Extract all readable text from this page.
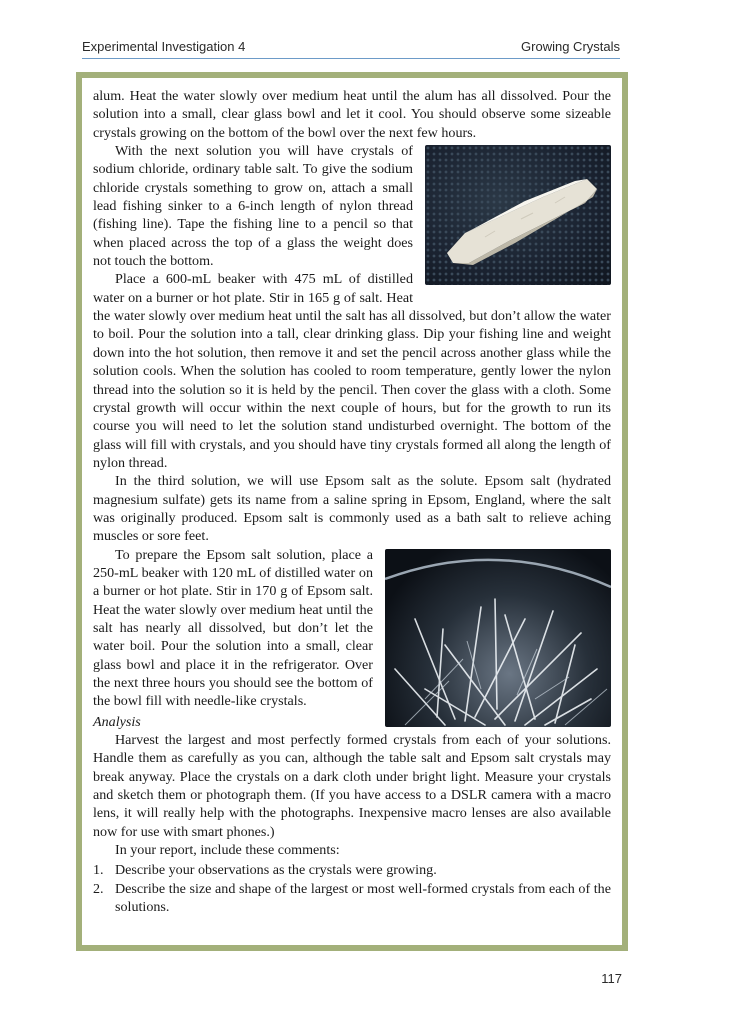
Experimental Investigation 4	Growing Crystals

alum. Heat the water slowly over medium heat until the alum has all dissolved. Pour the solution into a small, clear glass bowl and let it cool. You should observe some sizeable crystals growing on the bottom of the bowl over the next few hours.

With the next solution you will have crystals of sodium chloride, ordinary table salt. To give the sodium chloride crystals something to grow on, attach a small lead fishing sinker to a 6-inch length of nylon thread (fishing line). Tape the fishing line to a pencil so that when placed across the top of a glass the weight does not touch the bottom.

Place a 600-mL beaker with 475 mL of distilled water on a burner or hot plate. Stir in 165 g of salt. Heat the water slowly over medium heat until the salt has all dissolved, but don’t allow the water to boil. Pour the solution into a tall, clear drinking glass. Dip your fishing line and weight down into the hot solution, then remove it and set the pencil across another glass while the solution cools. When the solution has cooled to room temperature, gently lower the nylon thread into the solution so it is held by the pencil. Then cover the glass with a cloth. Some crystal growth will occur within the next couple of hours, but for the growth to run its course you will need to let the solution stand undisturbed overnight. The bottom of the glass will fill with crystals, and you should have tiny crystals formed all along the length of nylon thread.

In the third solution, we will use Epsom salt as the solute. Epsom salt (hydrated magnesium sulfate) gets its name from a saline spring in Epsom, England, where the salt was originally produced. Epsom salt is commonly used as a bath salt to relieve aching muscles or sore feet.

To prepare the Epsom salt solution, place a 250-mL beaker with 120 mL of distilled water on a burner or hot plate. Stir in 170 g of Epsom salt. Heat the water slowly over medium heat until the salt has nearly all dissolved, but don’t let the water boil. Pour the solution into a small, clear glass bowl and place it in the refrigerator. Over the next three hours you should see the bottom of the bowl fill with needle-like crystals.

Analysis

Harvest the largest and most perfectly formed crystals from each of your solutions. Handle them as carefully as you can, although the table salt and Epsom salt crystals may break anyway. Place the crystals on a dark cloth under bright light. Measure your crystals and sketch them or photograph them. (If you have access to a DSLR camera with a macro lens, it will really help with the photographs. Inexpensive macro lenses are also available now for use with smart phones.)

In your report, include these comments:

1. Describe your observations as the crystals were growing.
2. Describe the size and shape of the largest or most well-formed crystals from each of the solutions.
117
